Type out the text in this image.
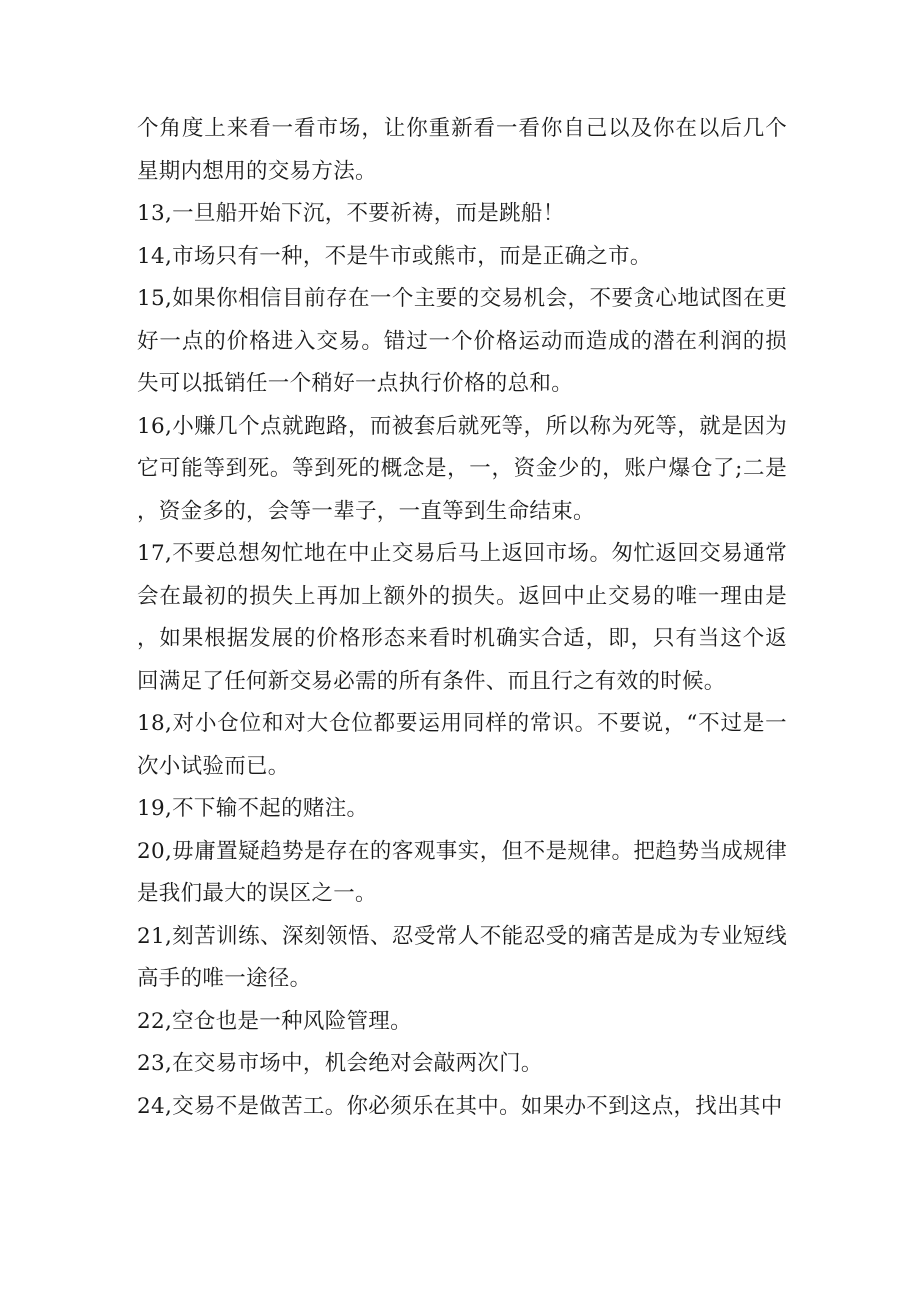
个角度上来看一看市场，让你重新看一看你自己以及你在以后几个星期内想用的交易方法。

13,一旦船开始下沉，不要祈祷，而是跳船！

14,市场只有一种，不是牛市或熊市，而是正确之市。

15,如果你相信目前存在一个主要的交易机会，不要贪心地试图在更好一点的价格进入交易。错过一个价格运动而造成的潜在利润的损失可以抵销任一个稍好一点执行价格的总和。

16,小赚几个点就跑路，而被套后就死等，所以称为死等，就是因为它可能等到死。等到死的概念是，一，资金少的，账户爆仓了;二是，资金多的，会等一辈子，一直等到生命结束。

17,不要总想匆忙地在中止交易后马上返回市场。匆忙返回交易通常会在最初的损失上再加上额外的损失。返回中止交易的唯一理由是，如果根据发展的价格形态来看时机确实合适，即，只有当这个返回满足了任何新交易必需的所有条件、而且行之有效的时候。

18,对小仓位和对大仓位都要运用同样的常识。不要说，“不过是一次小试验而已。

19,不下输不起的赌注。

20,毋庸置疑趋势是存在的客观事实，但不是规律。把趋势当成规律是我们最大的误区之一。

21,刻苦训练、深刻领悟、忍受常人不能忍受的痛苦是成为专业短线高手的唯一途径。

22,空仓也是一种风险管理。

23,在交易市场中，机会绝对会敲两次门。

24,交易不是做苦工。你必须乐在其中。如果办不到这点，找出其中
